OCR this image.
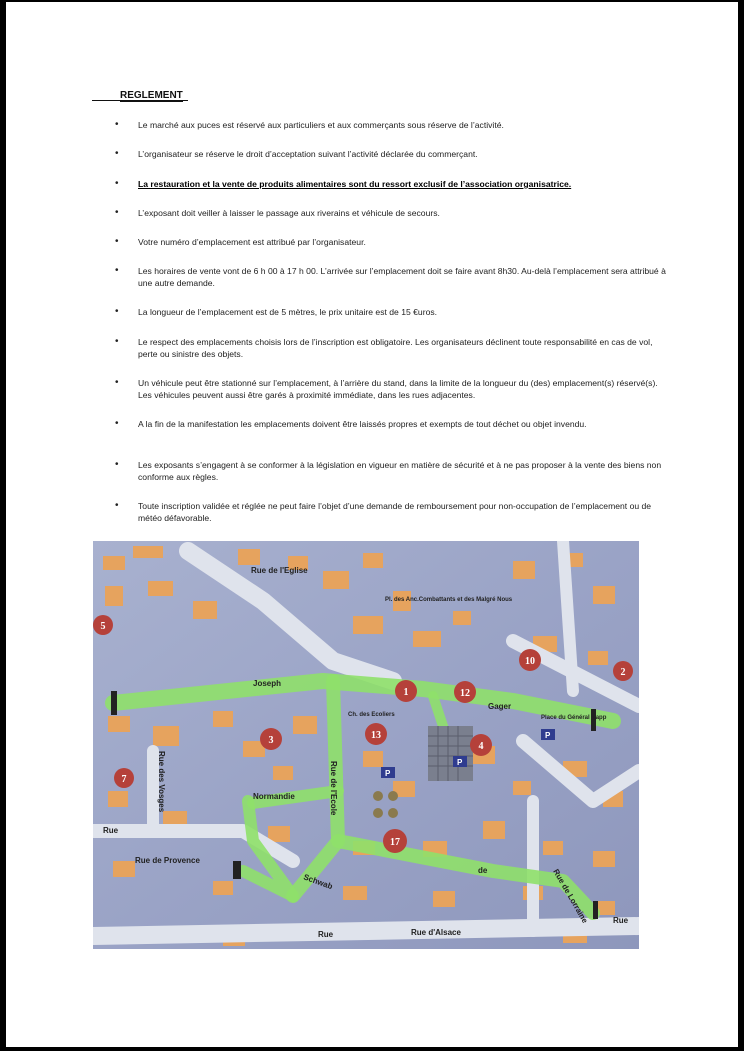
REGLEMENT
• Le marché aux puces est réservé aux particuliers et aux commerçants sous réserve de l’activité.
• L’organisateur se réserve le droit d’acceptation suivant l’activité déclarée du commerçant.
• La restauration et la vente de produits alimentaires sont du ressort exclusif de l’association organisatrice.
• L’exposant doit veiller à laisser le passage aux riverains et véhicule de secours.
• Votre numéro d’emplacement est attribué par l’organisateur.
• Les horaires de vente vont de 6 h 00 à 17 h 00. L’arrivée sur l’emplacement doit se faire avant 8h30. Au-delà l’emplacement sera attribué à une autre demande.
• La longueur de l’emplacement est de 5 mètres, le prix unitaire est de 15 €uros.
• Le respect des emplacements choisis lors de l’inscription est obligatoire. Les organisateurs déclinent toute responsabilité en cas de vol, perte ou sinistre des objets.
• Un véhicule peut être stationné sur l’emplacement, à l’arrière du stand, dans la limite de la longueur du (des) emplacement(s) réservé(s). Les véhicules peuvent aussi être garés à proximité immédiate, dans les rues adjacentes.
• A la fin de la manifestation les emplacements doivent être laissés propres et exempts de tout déchet ou objet invendu.
• Les exposants s’engagent à se conformer à la législation en vigueur en matière de sécurité et à ne pas proposer à la vente des biens non conforme aux règles.
• Toute inscription validée et réglée ne peut faire l’objet d’une demande de remboursement pour non-occupation de l’emplacement ou de météo défavorable.
5
10
2
1	12
3	13
4
7
17
P
P
P
Rue de l'Eglise
Pl. des Anc.Combattants et des Malgré Nous
Joseph
Ch. des Ecoliers
Normandie	Rue de l'Ecole
Rue des Vosges
Rue de Provence
Rue de Lorraine
Rue d'Alsace
Schwab
Gager
Place du Général Rapp
Rue
Rue
Rue
de
